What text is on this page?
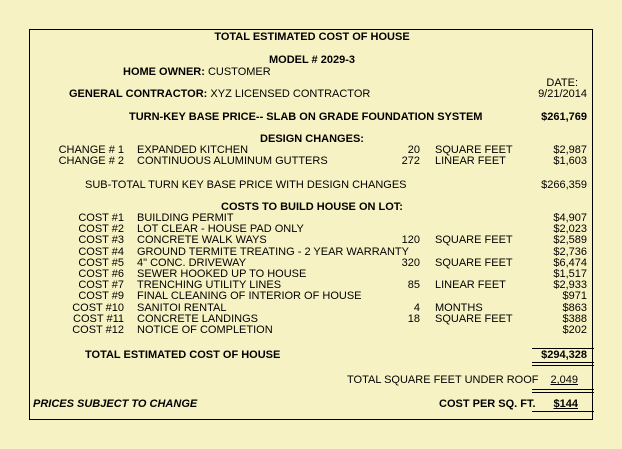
TOTAL ESTIMATED COST OF HOUSE
MODEL # 2029-3
HOME OWNER: CUSTOMER
DATE:
GENERAL CONTRACTOR: XYZ LICENSED CONTRACTOR	9/21/2014
TURN-KEY BASE PRICE-- SLAB ON GRADE FOUNDATION SYSTEM	$261,769
DESIGN CHANGES:
CHANGE # 1 EXPANDED KITCHEN	20 SQUARE FEET	$2,987
CHANGE # 2 CONTINUOUS ALUMINUM GUTTERS	272 LINEAR FEET	$1,603
SUB-TOTAL TURN KEY BASE PRICE WITH DESIGN CHANGES	$266,359
COSTS TO BUILD HOUSE ON LOT:
COST #1 BUILDING PERMIT	$4,907
COST #2 LOT CLEAR - HOUSE PAD ONLY	$2,023
COST #3 CONCRETE WALK WAYS	120 SQUARE FEET	$2,589
COST #4 GROUND TERMITE TREATING - 2 YEAR WARRANTY	$2,736
COST #5 4" CONC. DRIVEWAY	320 SQUARE FEET	$6,474
COST #6 SEWER HOOKED UP TO HOUSE	$1,517
COST #7 TRENCHING UTILITY LINES	85 LINEAR FEET	$2,933
COST #9 FINAL CLEANING OF INTERIOR OF HOUSE	$971
COST #10 SANITOI RENTAL	4 MONTHS	$863
COST #11 CONCRETE LANDINGS	18 SQUARE FEET	$388
COST #12 NOTICE OF COMPLETION	$202
TOTAL ESTIMATED COST OF HOUSE	$294,328
TOTAL SQUARE FEET UNDER ROOF	2,049
PRICES SUBJECT TO CHANGE	COST PER SQ. FT.	$144
